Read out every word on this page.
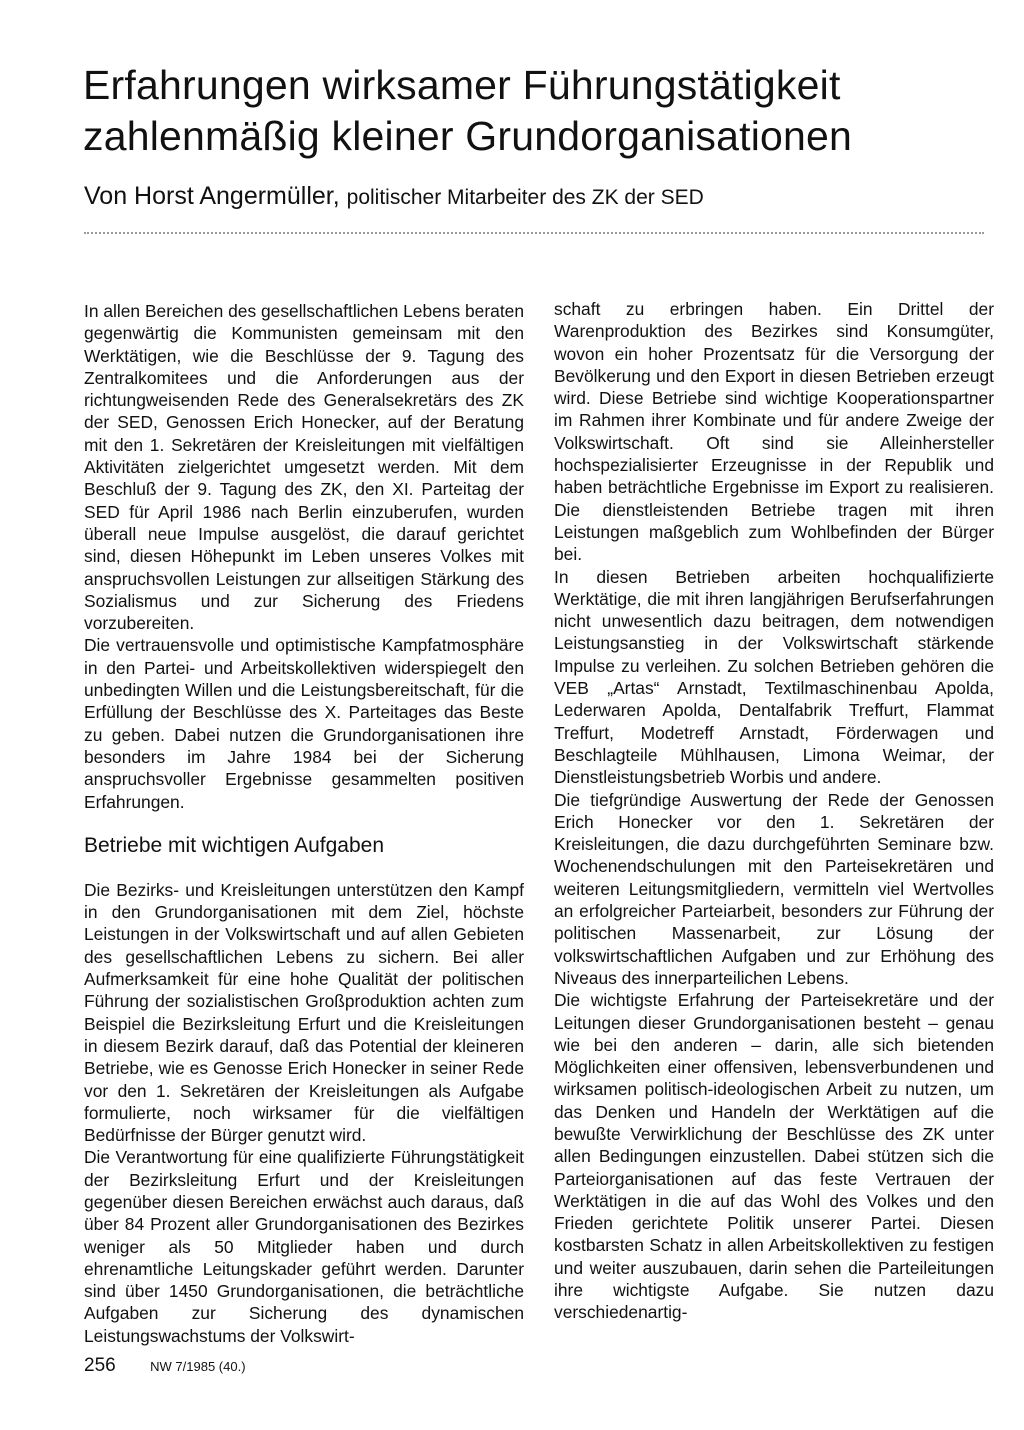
Erfahrungen wirksamer Führungstätigkeit
zahlenmäßig kleiner Grundorganisationen

Von Horst Angermüller, politischer Mitarbeiter des ZK der SED

In allen Bereichen des gesellschaftlichen Lebens beraten gegenwärtig die Kommunisten gemeinsam mit den Werktätigen, wie die Beschlüsse der 9. Tagung des Zentralkomitees und die Anforderungen aus der richtungweisenden Rede des Generalsekretärs des ZK der SED, Genossen Erich Honecker, auf der Beratung mit den 1. Sekretären der Kreisleitungen mit vielfältigen Aktivitäten zielgerichtet umgesetzt werden. Mit dem Beschluß der 9. Tagung des ZK, den XI. Parteitag der SED für April 1986 nach Berlin einzuberufen, wurden überall neue Impulse ausgelöst, die darauf gerichtet sind, diesen Höhepunkt im Leben unseres Volkes mit anspruchsvollen Leistungen zur allseitigen Stärkung des Sozialismus und zur Sicherung des Friedens vorzubereiten.

Die vertrauensvolle und optimistische Kampfatmosphäre in den Partei- und Arbeitskollektiven widerspiegelt den unbedingten Willen und die Leistungsbereitschaft, für die Erfüllung der Beschlüsse des X. Parteitages das Beste zu geben. Dabei nutzen die Grundorganisationen ihre besonders im Jahre 1984 bei der Sicherung anspruchsvoller Ergebnisse gesammelten positiven Erfahrungen.

Betriebe mit wichtigen Aufgaben

Die Bezirks- und Kreisleitungen unterstützen den Kampf in den Grundorganisationen mit dem Ziel, höchste Leistungen in der Volkswirtschaft und auf allen Gebieten des gesellschaftlichen Lebens zu sichern. Bei aller Aufmerksamkeit für eine hohe Qualität der politischen Führung der sozialistischen Großproduktion achten zum Beispiel die Bezirksleitung Erfurt und die Kreisleitungen in diesem Bezirk darauf, daß das Potential der kleineren Betriebe, wie es Genosse Erich Honecker in seiner Rede vor den 1. Sekretären der Kreisleitungen als Aufgabe formulierte, noch wirksamer für die vielfältigen Bedürfnisse der Bürger genutzt wird.

Die Verantwortung für eine qualifizierte Führungstätigkeit der Bezirksleitung Erfurt und der Kreisleitungen gegenüber diesen Bereichen erwächst auch daraus, daß über 84 Prozent aller Grundorganisationen des Bezirkes weniger als 50 Mitglieder haben und durch ehrenamtliche Leitungskader geführt werden. Darunter sind über 1450 Grundorganisationen, die beträchtliche Aufgaben zur Sicherung des dynamischen Leistungswachstums der Volkswirt-

schaft zu erbringen haben. Ein Drittel der Warenproduktion des Bezirkes sind Konsumgüter, wovon ein hoher Prozentsatz für die Versorgung der Bevölkerung und den Export in diesen Betrieben erzeugt wird. Diese Betriebe sind wichtige Kooperationspartner im Rahmen ihrer Kombinate und für andere Zweige der Volkswirtschaft. Oft sind sie Alleinhersteller hochspezialisierter Erzeugnisse in der Republik und haben beträchtliche Ergebnisse im Export zu realisieren. Die dienstleistenden Betriebe tragen mit ihren Leistungen maßgeblich zum Wohlbefinden der Bürger bei.

In diesen Betrieben arbeiten hochqualifizierte Werktätige, die mit ihren langjährigen Berufserfahrungen nicht unwesentlich dazu beitragen, dem notwendigen Leistungsanstieg in der Volkswirtschaft stärkende Impulse zu verleihen. Zu solchen Betrieben gehören die VEB „Artas“ Arnstadt, Textilmaschinenbau Apolda, Lederwaren Apolda, Dentalfabrik Treffurt, Flammat Treffurt, Modetreff Arnstadt, Förderwagen und Beschlagteile Mühlhausen, Limona Weimar, der Dienstleistungsbetrieb Worbis und andere.

Die tiefgründige Auswertung der Rede der Genossen Erich Honecker vor den 1. Sekretären der Kreisleitungen, die dazu durchgeführten Seminare bzw. Wochenendschulungen mit den Parteisekretären und weiteren Leitungsmitgliedern, vermitteln viel Wertvolles an erfolgreicher Parteiarbeit, besonders zur Führung der politischen Massenarbeit, zur Lösung der volkswirtschaftlichen Aufgaben und zur Erhöhung des Niveaus des innerparteilichen Lebens.

Die wichtigste Erfahrung der Parteisekretäre und der Leitungen dieser Grundorganisationen besteht – genau wie bei den anderen – darin, alle sich bietenden Möglichkeiten einer offensiven, lebensverbundenen und wirksamen politisch-ideologischen Arbeit zu nutzen, um das Denken und Handeln der Werktätigen auf die bewußte Verwirklichung der Beschlüsse des ZK unter allen Bedingungen einzustellen. Dabei stützen sich die Parteiorganisationen auf das feste Vertrauen der Werktätigen in die auf das Wohl des Volkes und den Frieden gerichtete Politik unserer Partei. Diesen kostbarsten Schatz in allen Arbeitskollektiven zu festigen und weiter auszubauen, darin sehen die Parteileitungen ihre wichtigste Aufgabe. Sie nutzen dazu verschiedenartig-

256	NW 7/1985 (40.)
